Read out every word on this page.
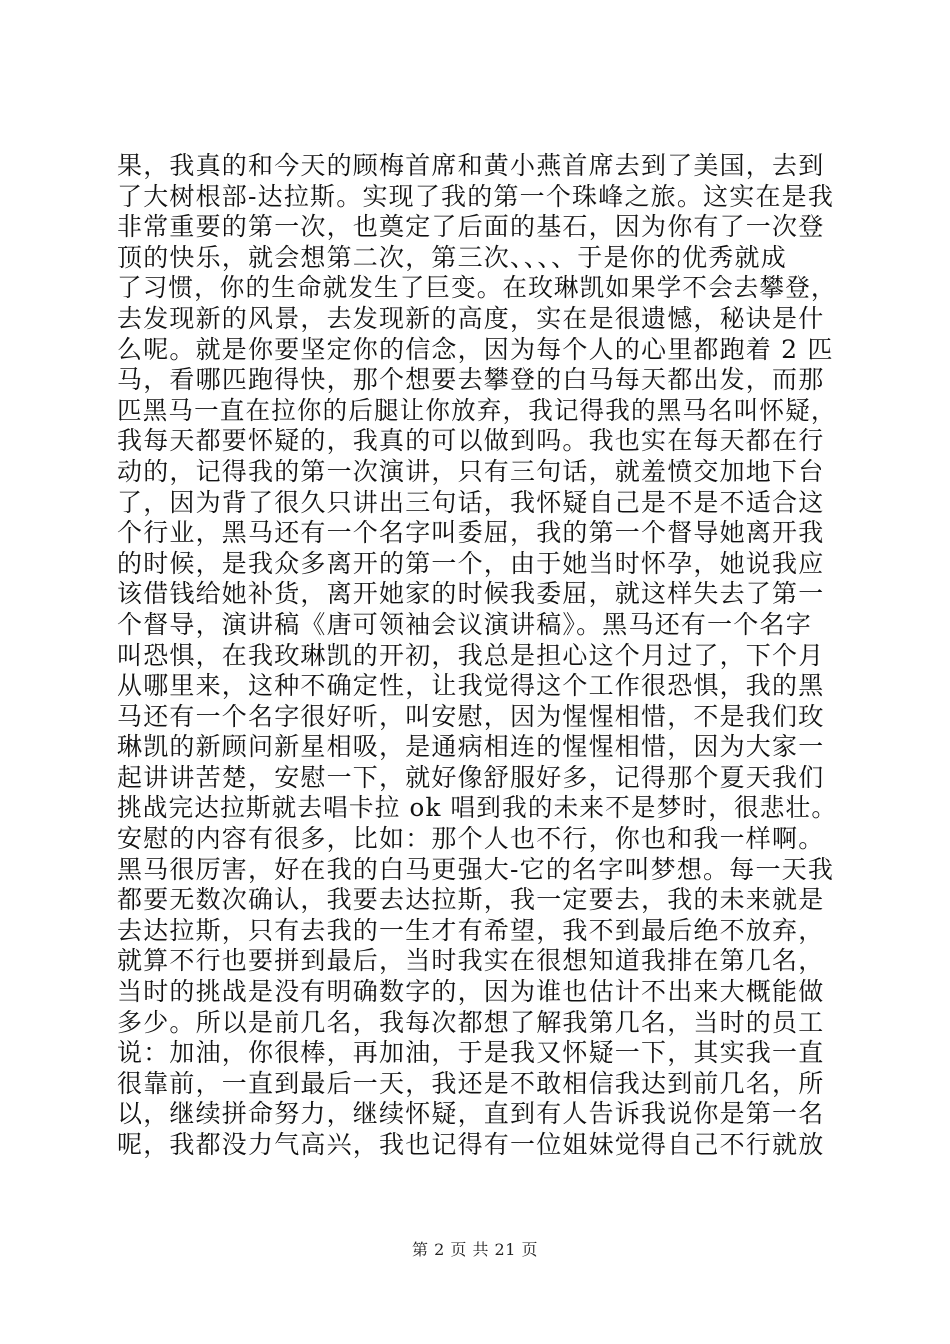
果，我真的和今天的顾梅首席和黄小燕首席去到了美国，去到
了大树根部-达拉斯。实现了我的第一个珠峰之旅。这实在是我
非常重要的第一次，也奠定了后面的基石，因为你有了一次登
顶的快乐，就会想第二次，第三次、、、、于是你的优秀就成
了习惯，你的生命就发生了巨变。在玫琳凯如果学不会去攀登，
去发现新的风景，去发现新的高度，实在是很遗憾，秘诀是什
么呢。就是你要坚定你的信念，因为每个人的心里都跑着 2 匹
马，看哪匹跑得快，那个想要去攀登的白马每天都出发，而那
匹黑马一直在拉你的后腿让你放弃，我记得我的黑马名叫怀疑，
我每天都要怀疑的，我真的可以做到吗。我也实在每天都在行
动的，记得我的第一次演讲，只有三句话，就羞愤交加地下台
了，因为背了很久只讲出三句话，我怀疑自己是不是不适合这
个行业，黑马还有一个名字叫委屈，我的第一个督导她离开我
的时候，是我众多离开的第一个，由于她当时怀孕，她说我应
该借钱给她补货，离开她家的时候我委屈，就这样失去了第一
个督导，演讲稿《唐可领袖会议演讲稿》。黑马还有一个名字
叫恐惧，在我玫琳凯的开初，我总是担心这个月过了，下个月
从哪里来，这种不确定性，让我觉得这个工作很恐惧，我的黑
马还有一个名字很好听，叫安慰，因为惺惺相惜，不是我们玫
琳凯的新顾问新星相吸，是通病相连的惺惺相惜，因为大家一
起讲讲苦楚，安慰一下，就好像舒服好多，记得那个夏天我们
挑战完达拉斯就去唱卡拉 ok 唱到我的未来不是梦时，很悲壮。
安慰的内容有很多，比如：那个人也不行，你也和我一样啊。
黑马很厉害，好在我的白马更强大-它的名字叫梦想。每一天我
都要无数次确认，我要去达拉斯，我一定要去，我的未来就是
去达拉斯，只有去我的一生才有希望，我不到最后绝不放弃，
就算不行也要拼到最后，当时我实在很想知道我排在第几名，
当时的挑战是没有明确数字的，因为谁也估计不出来大概能做
多少。所以是前几名，我每次都想了解我第几名，当时的员工
说：加油，你很棒，再加油，于是我又怀疑一下，其实我一直
很靠前，一直到最后一天，我还是不敢相信我达到前几名，所
以，继续拼命努力，继续怀疑，直到有人告诉我说你是第一名
呢，我都没力气高兴，我也记得有一位姐妹觉得自己不行就放
第 2 页 共 21 页
